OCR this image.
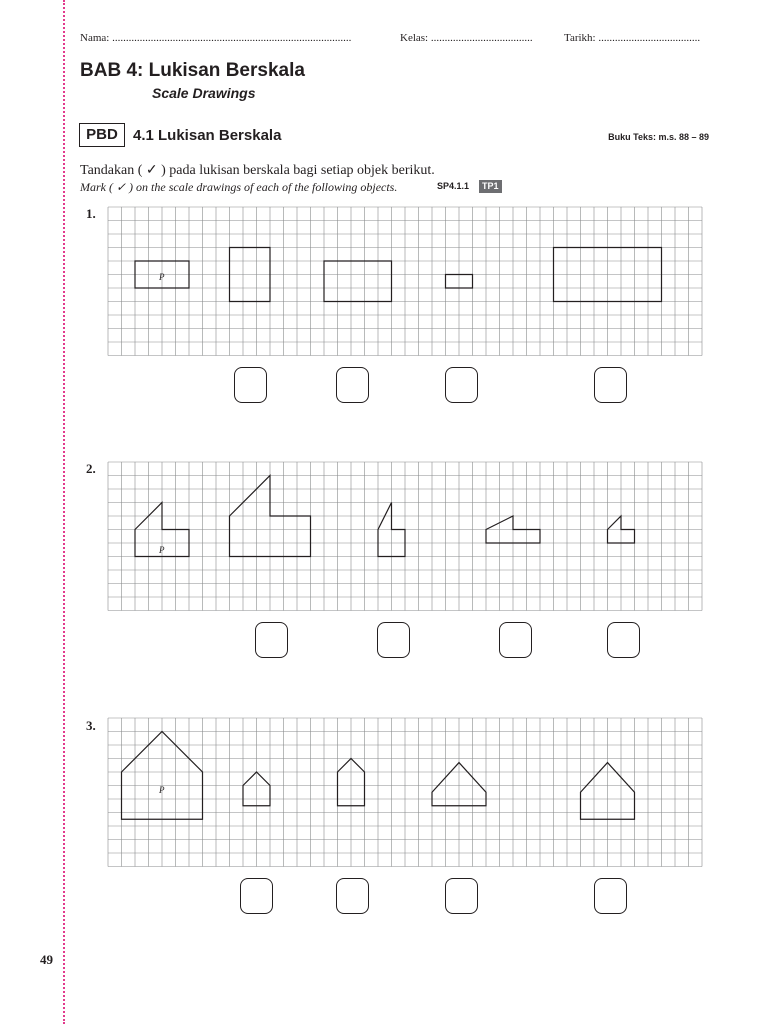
Nama: .......................................................................................	Kelas: .....................................	Tarikh: .....................................
BAB 4: Lukisan Berskala
Scale Drawings
PBD	4.1 Lukisan Berskala	Buku Teks: m.s. 88 – 89
Tandakan ( ✓ ) pada lukisan berskala bagi setiap objek berikut.
Mark ( ✓ ) on the scale drawings of each of the following objects.	SP4.1.1	TP1
1.
2.
3.
P
P
P
49
